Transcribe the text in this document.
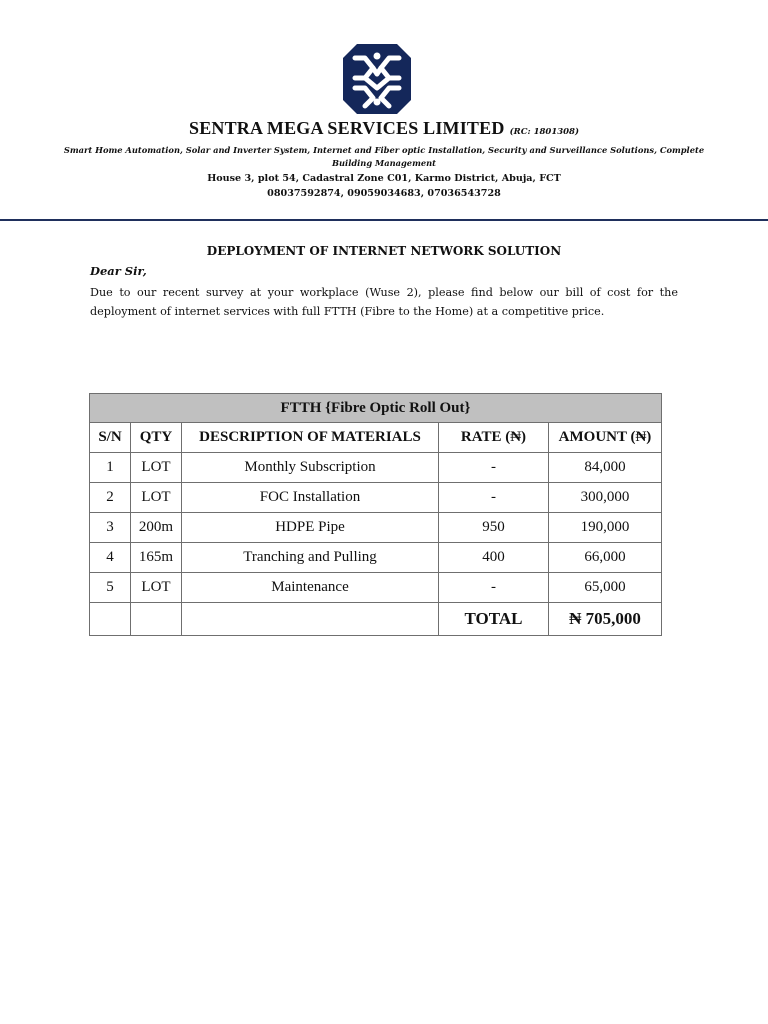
SENTRA MEGA SERVICES LIMITED (RC: 1801308)
Smart Home Automation, Solar and Inverter System, Internet and Fiber optic Installation, Security and Surveillance Solutions, Complete Building Management
House 3, plot 54, Cadastral Zone C01, Karmo District, Abuja, FCT
08037592874, 09059034683, 07036543728
DEPLOYMENT OF INTERNET NETWORK SOLUTION
Dear Sir,
Due to our recent survey at your workplace (Wuse 2), please find below our bill of cost for the deployment of internet services with full FTTH (Fibre to the Home) at a competitive price.
FTTH {Fibre Optic Roll Out}				
S/N	QTY	DESCRIPTION OF MATERIALS	RATE (₦)	AMOUNT (₦)
1	LOT	Monthly Subscription	-	84,000
2	LOT	FOC Installation	-	300,000
3	200m	HDPE Pipe	950	190,000
4	165m	Tranching and Pulling	400	66,000
5	LOT	Maintenance	-	65,000
			TOTAL	₦ 705,000
